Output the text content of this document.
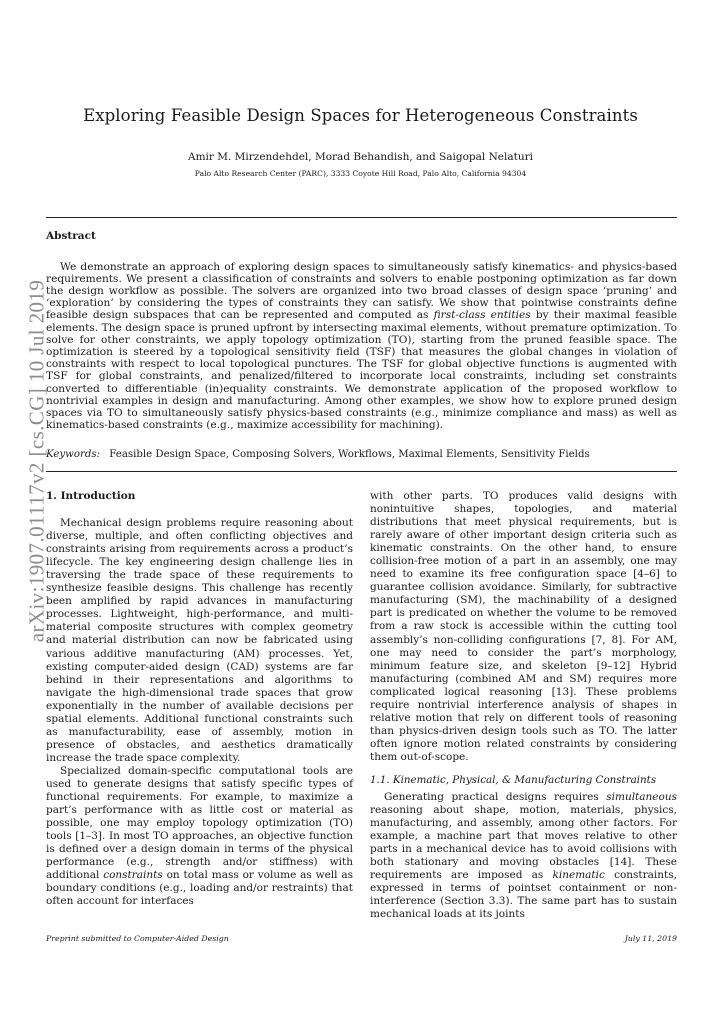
arXiv:1907.01117v2 [cs.CG] 10 Jul 2019
Exploring Feasible Design Spaces for Heterogeneous Constraints
Amir M. Mirzendehdel, Morad Behandish, and Saigopal Nelaturi
Palo Alto Research Center (PARC), 3333 Coyote Hill Road, Palo Alto, California 94304
Abstract

We demonstrate an approach of exploring design spaces to simultaneously satisfy kinematics- and physics-based requirements. We present a classification of constraints and solvers to enable postponing optimization as far down the design workflow as possible. The solvers are organized into two broad classes of design space ‘pruning’ and ‘exploration’ by considering the types of constraints they can satisfy. We show that pointwise constraints define feasible design subspaces that can be represented and computed as first-class entities by their maximal feasible elements. The design space is pruned upfront by intersecting maximal elements, without premature optimization. To solve for other constraints, we apply topology optimization (TO), starting from the pruned feasible space. The optimization is steered by a topological sensitivity field (TSF) that measures the global changes in violation of constraints with respect to local topological punctures. The TSF for global objective functions is augmented with TSF for global constraints, and penalized/filtered to incorporate local constraints, including set constraints converted to differentiable (in)equality constraints. We demonstrate application of the proposed workflow to nontrivial examples in design and manufacturing. Among other examples, we show how to explore pruned design spaces via TO to simultaneously satisfy physics-based constraints (e.g., minimize compliance and mass) as well as kinematics-based constraints (e.g., maximize accessibility for machining).

Keywords: Feasible Design Space, Composing Solvers, Workflows, Maximal Elements, Sensitivity Fields
1. Introduction

Mechanical design problems require reasoning about diverse, multiple, and often conflicting objectives and constraints arising from requirements across a product’s lifecycle. The key engineering design challenge lies in traversing the trade space of these requirements to synthesize feasible designs. This challenge has recently been amplified by rapid advances in manufacturing processes. Lightweight, high-performance, and multi-material composite structures with complex geometry and material distribution can now be fabricated using various additive manufacturing (AM) processes. Yet, existing computer-aided design (CAD) systems are far behind in their representations and algorithms to navigate the high-dimensional trade spaces that grow exponentially in the number of available decisions per spatial elements. Additional functional constraints such as manufacturability, ease of assembly, motion in presence of obstacles, and aesthetics dramatically increase the trade space complexity.

Specialized domain-specific computational tools are used to generate designs that satisfy specific types of functional requirements. For example, to maximize a part’s performance with as little cost or material as possible, one may employ topology optimization (TO) tools [1–3]. In most TO approaches, an objective function is defined over a design domain in terms of the physical performance (e.g., strength and/or stiffness) with additional constraints on total mass or volume as well as boundary conditions (e.g., loading and/or restraints) that often account for interfaces

with other parts. TO produces valid designs with nonintuitive shapes, topologies, and material distributions that meet physical requirements, but is rarely aware of other important design criteria such as kinematic constraints. On the other hand, to ensure collision-free motion of a part in an assembly, one may need to examine its free configuration space [4–6] to guarantee collision avoidance. Similarly, for subtractive manufacturing (SM), the machinability of a designed part is predicated on whether the volume to be removed from a raw stock is accessible within the cutting tool assembly’s non-colliding configurations [7, 8]. For AM, one may need to consider the part’s morphology, minimum feature size, and skeleton [9–12] Hybrid manufacturing (combined AM and SM) requires more complicated logical reasoning [13]. These problems require nontrivial interference analysis of shapes in relative motion that rely on different tools of reasoning than physics-driven design tools such as TO. The latter often ignore motion related constraints by considering them out-of-scope.

1.1. Kinematic, Physical, & Manufacturing Constraints

Generating practical designs requires simultaneous reasoning about shape, motion, materials, physics, manufacturing, and assembly, among other factors. For example, a machine part that moves relative to other parts in a mechanical device has to avoid collisions with both stationary and moving obstacles [14]. These requirements are imposed as kinematic constraints, expressed in terms of pointset containment or non-interference (Section 3.3). The same part has to sustain mechanical loads at its joints

Preprint submitted to Computer-Aided Design	July 11, 2019
